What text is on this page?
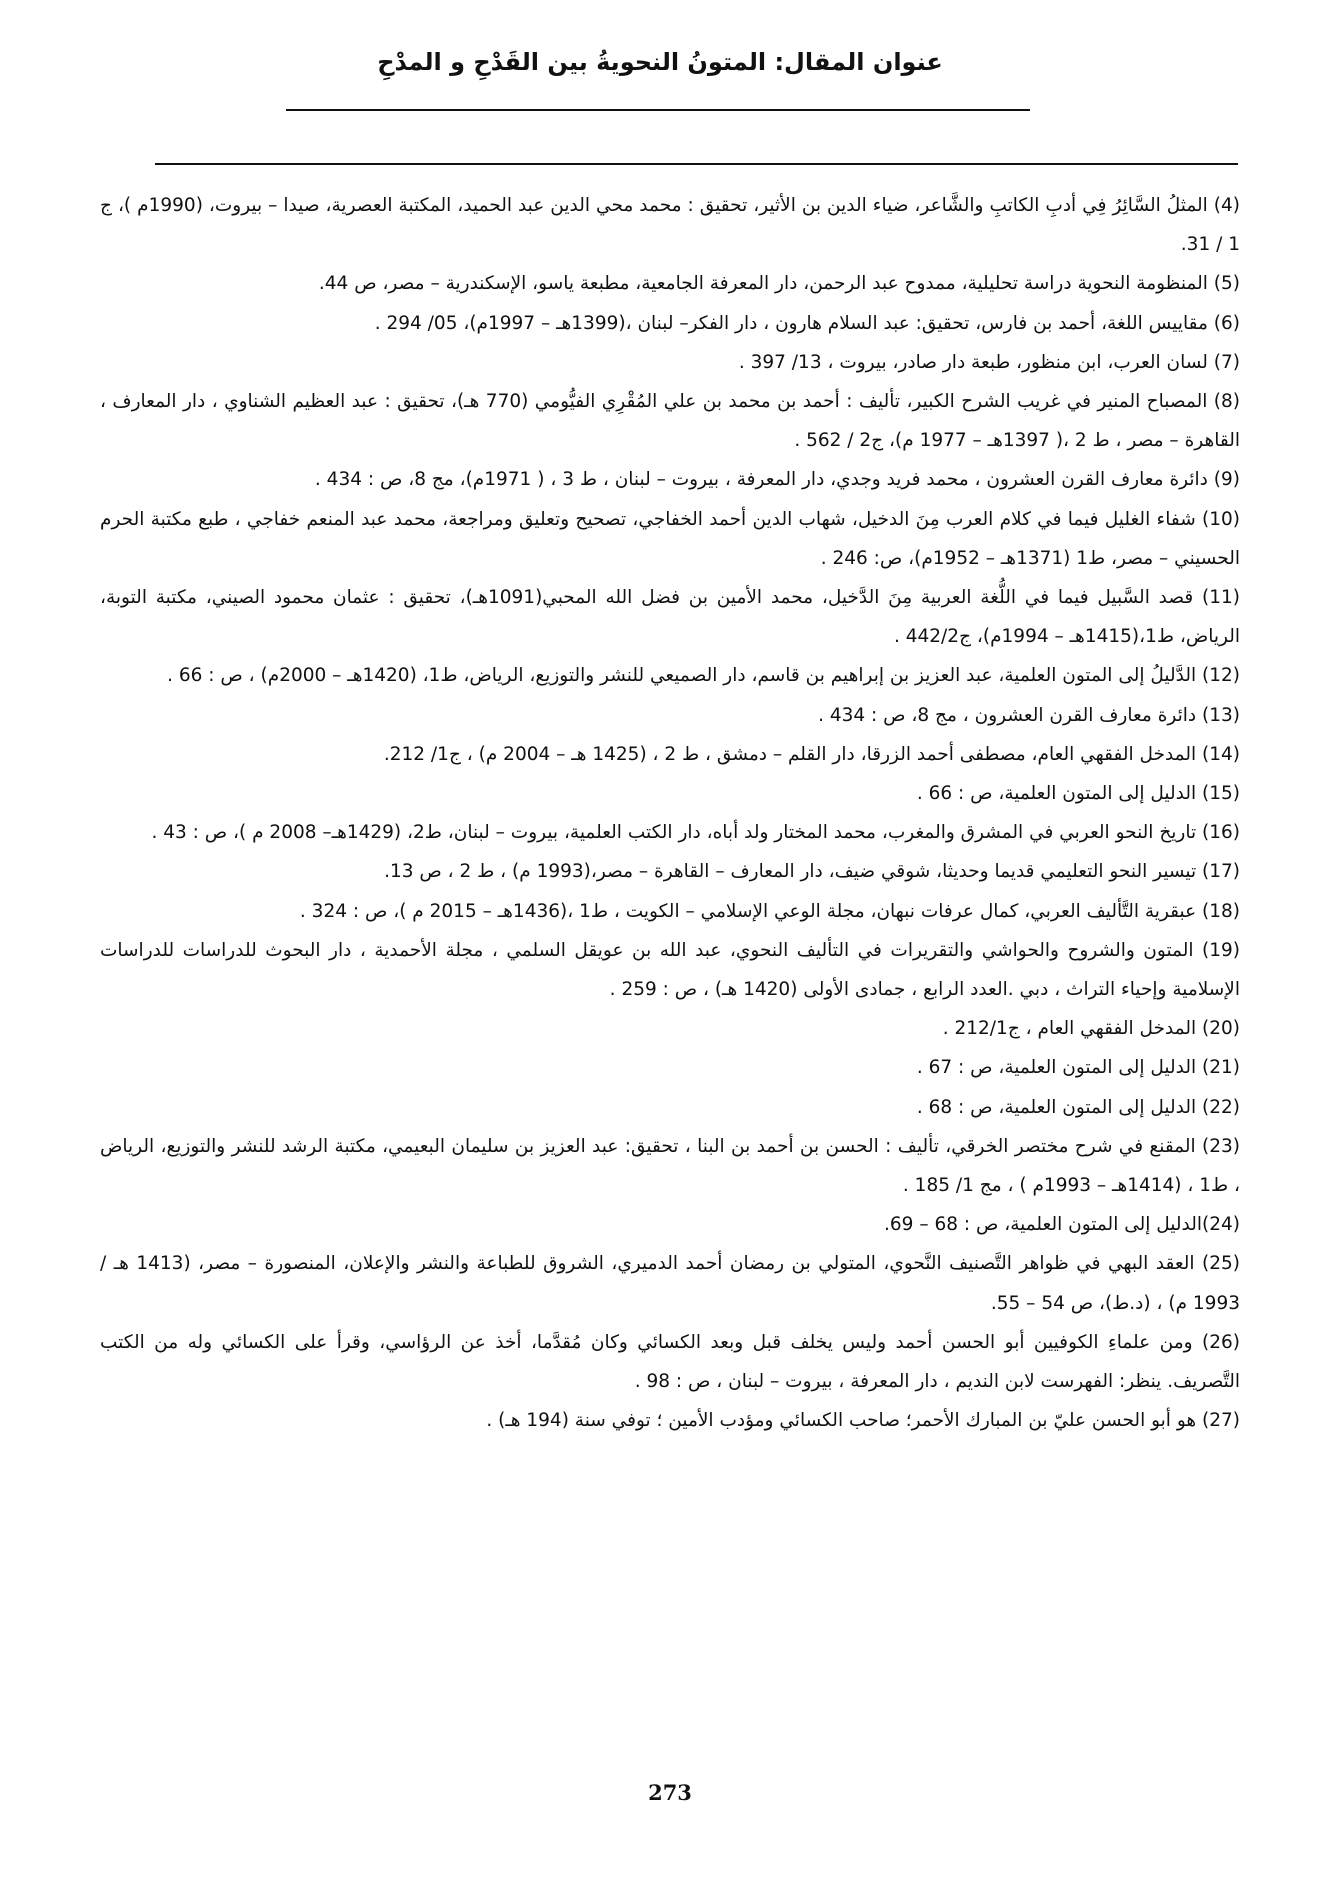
عنوان المقال: المتونُ النحويةُ بين القَدْحِ و المدْحِ

(4) المثلُ السَّائِرُ فِي أدبِ الكاتبِ والشَّاعر، ضياء الدين بن الأثير، تحقيق : محمد محي الدين عبد الحميد، المكتبة العصرية، صيدا – بيروت، (1990م )، ج 1 / 31.

(5) المنظومة النحوية دراسة تحليلية، ممدوح عبد الرحمن، دار المعرفة الجامعية، مطبعة ياسو، الإسكندرية – مصر، ص 44.

(6) مقاييس اللغة، أحمد بن فارس، تحقيق: عبد السلام هارون ، دار الفكر– لبنان ،(1399هـ – 1997م)، 05/ 294 .

(7) لسان العرب، ابن منظور، طبعة دار صادر، بيروت ، 13/ 397 .

(8) المصباح المنير في غريب الشرح الكبير، تأليف : أحمد بن محمد بن علي المُقْرِي الفيُّومي (770 هـ)، تحقيق : عبد العظيم الشناوي ، دار المعارف ، القاهرة – مصر ، ط 2 ،( 1397هـ – 1977 م)، ج2 / 562 .

(9) دائرة معارف القرن العشرون ، محمد فريد وجدي، دار المعرفة ، بيروت – لبنان ، ط 3 ، ( 1971م)، مج 8، ص : 434 .

(10) شفاء الغليل فيما في كلام العرب مِنَ الدخيل، شهاب الدين أحمد الخفاجي، تصحيح وتعليق ومراجعة، محمد عبد المنعم خفاجي ، طبع مكتبة الحرم الحسيني – مصر، ط1 (1371هـ – 1952م)، ص: 246 .

(11) قصد السَّبيل فيما في اللُّغة العربية مِنَ الدَّخيل، محمد الأمين بن فضل الله المحبي(1091هـ)، تحقيق : عثمان محمود الصيني، مكتبة التوبة، الرياض، ط1،(1415هـ – 1994م)، ج442/2 .

(12) الدَّليلُ إلى المتون العلمية، عبد العزيز بن إبراهيم بن قاسم، دار الصميعي للنشر والتوزيع، الرياض، ط1، (1420هـ – 2000م) ، ص : 66 .

(13) دائرة معارف القرن العشرون ، مج 8، ص : 434 .

(14) المدخل الفقهي العام، مصطفى أحمد الزرقا، دار القلم – دمشق ، ط 2 ، (1425 هـ – 2004 م) ، ج1/ 212.

(15) الدليل إلى المتون العلمية، ص : 66 .

(16) تاريخ النحو العربي في المشرق والمغرب، محمد المختار ولد أباه، دار الكتب العلمية، بيروت – لبنان، ط2، (1429هـ– 2008 م )، ص : 43 .

(17) تيسير النحو التعليمي قديما وحديثا، شوقي ضيف، دار المعارف – القاهرة – مصر،(1993 م) ، ط 2 ، ص 13.

(18) عبقرية التَّأليف العربي، كمال عرفات نبهان، مجلة الوعي الإسلامي – الكويت ، ط1 ،(1436هـ – 2015 م )، ص : 324 .

(19) المتون والشروح والحواشي والتقريرات في التأليف النحوي، عبد الله بن عويقل السلمي ، مجلة الأحمدية ، دار البحوث للدراسات للدراسات الإسلامية وإحياء التراث ، دبي .العدد الرابع ، جمادى الأولى (1420 هـ) ، ص : 259 .

(20) المدخل الفقهي العام ، ج212/1 .

(21) الدليل إلى المتون العلمية، ص : 67 .

(22) الدليل إلى المتون العلمية، ص : 68 .

(23) المقنع في شرح مختصر الخرقي، تأليف : الحسن بن أحمد بن البنا ، تحقيق: عبد العزيز بن سليمان البعيمي، مكتبة الرشد للنشر والتوزيع، الرياض ، ط1 ، (1414هـ – 1993م ) ، مج 1/ 185 .

(24)الدليل إلى المتون العلمية، ص : 68 – 69.

(25) العقد البهي في ظواهر التَّصنيف النَّحوي، المتولي بن رمضان أحمد الدميري، الشروق للطباعة والنشر والإعلان، المنصورة – مصر، (1413 هـ / 1993 م) ، (د.ط)، ص 54 – 55.

(26) ومن علماءِ الكوفيين أبو الحسن أحمد وليس يخلف قبل وبعد الكسائي وكان مُقدَّما، أخذ عن الرؤاسي، وقرأ على الكسائي وله من الكتب التَّصريف. ينظر: الفهرست لابن النديم ، دار المعرفة ، بيروت – لبنان ، ص : 98 .

(27) هو أبو الحسن عليّ بن المبارك الأحمر؛ صاحب الكسائي ومؤدب الأمين ؛ توفي سنة (194 هـ) .

273
